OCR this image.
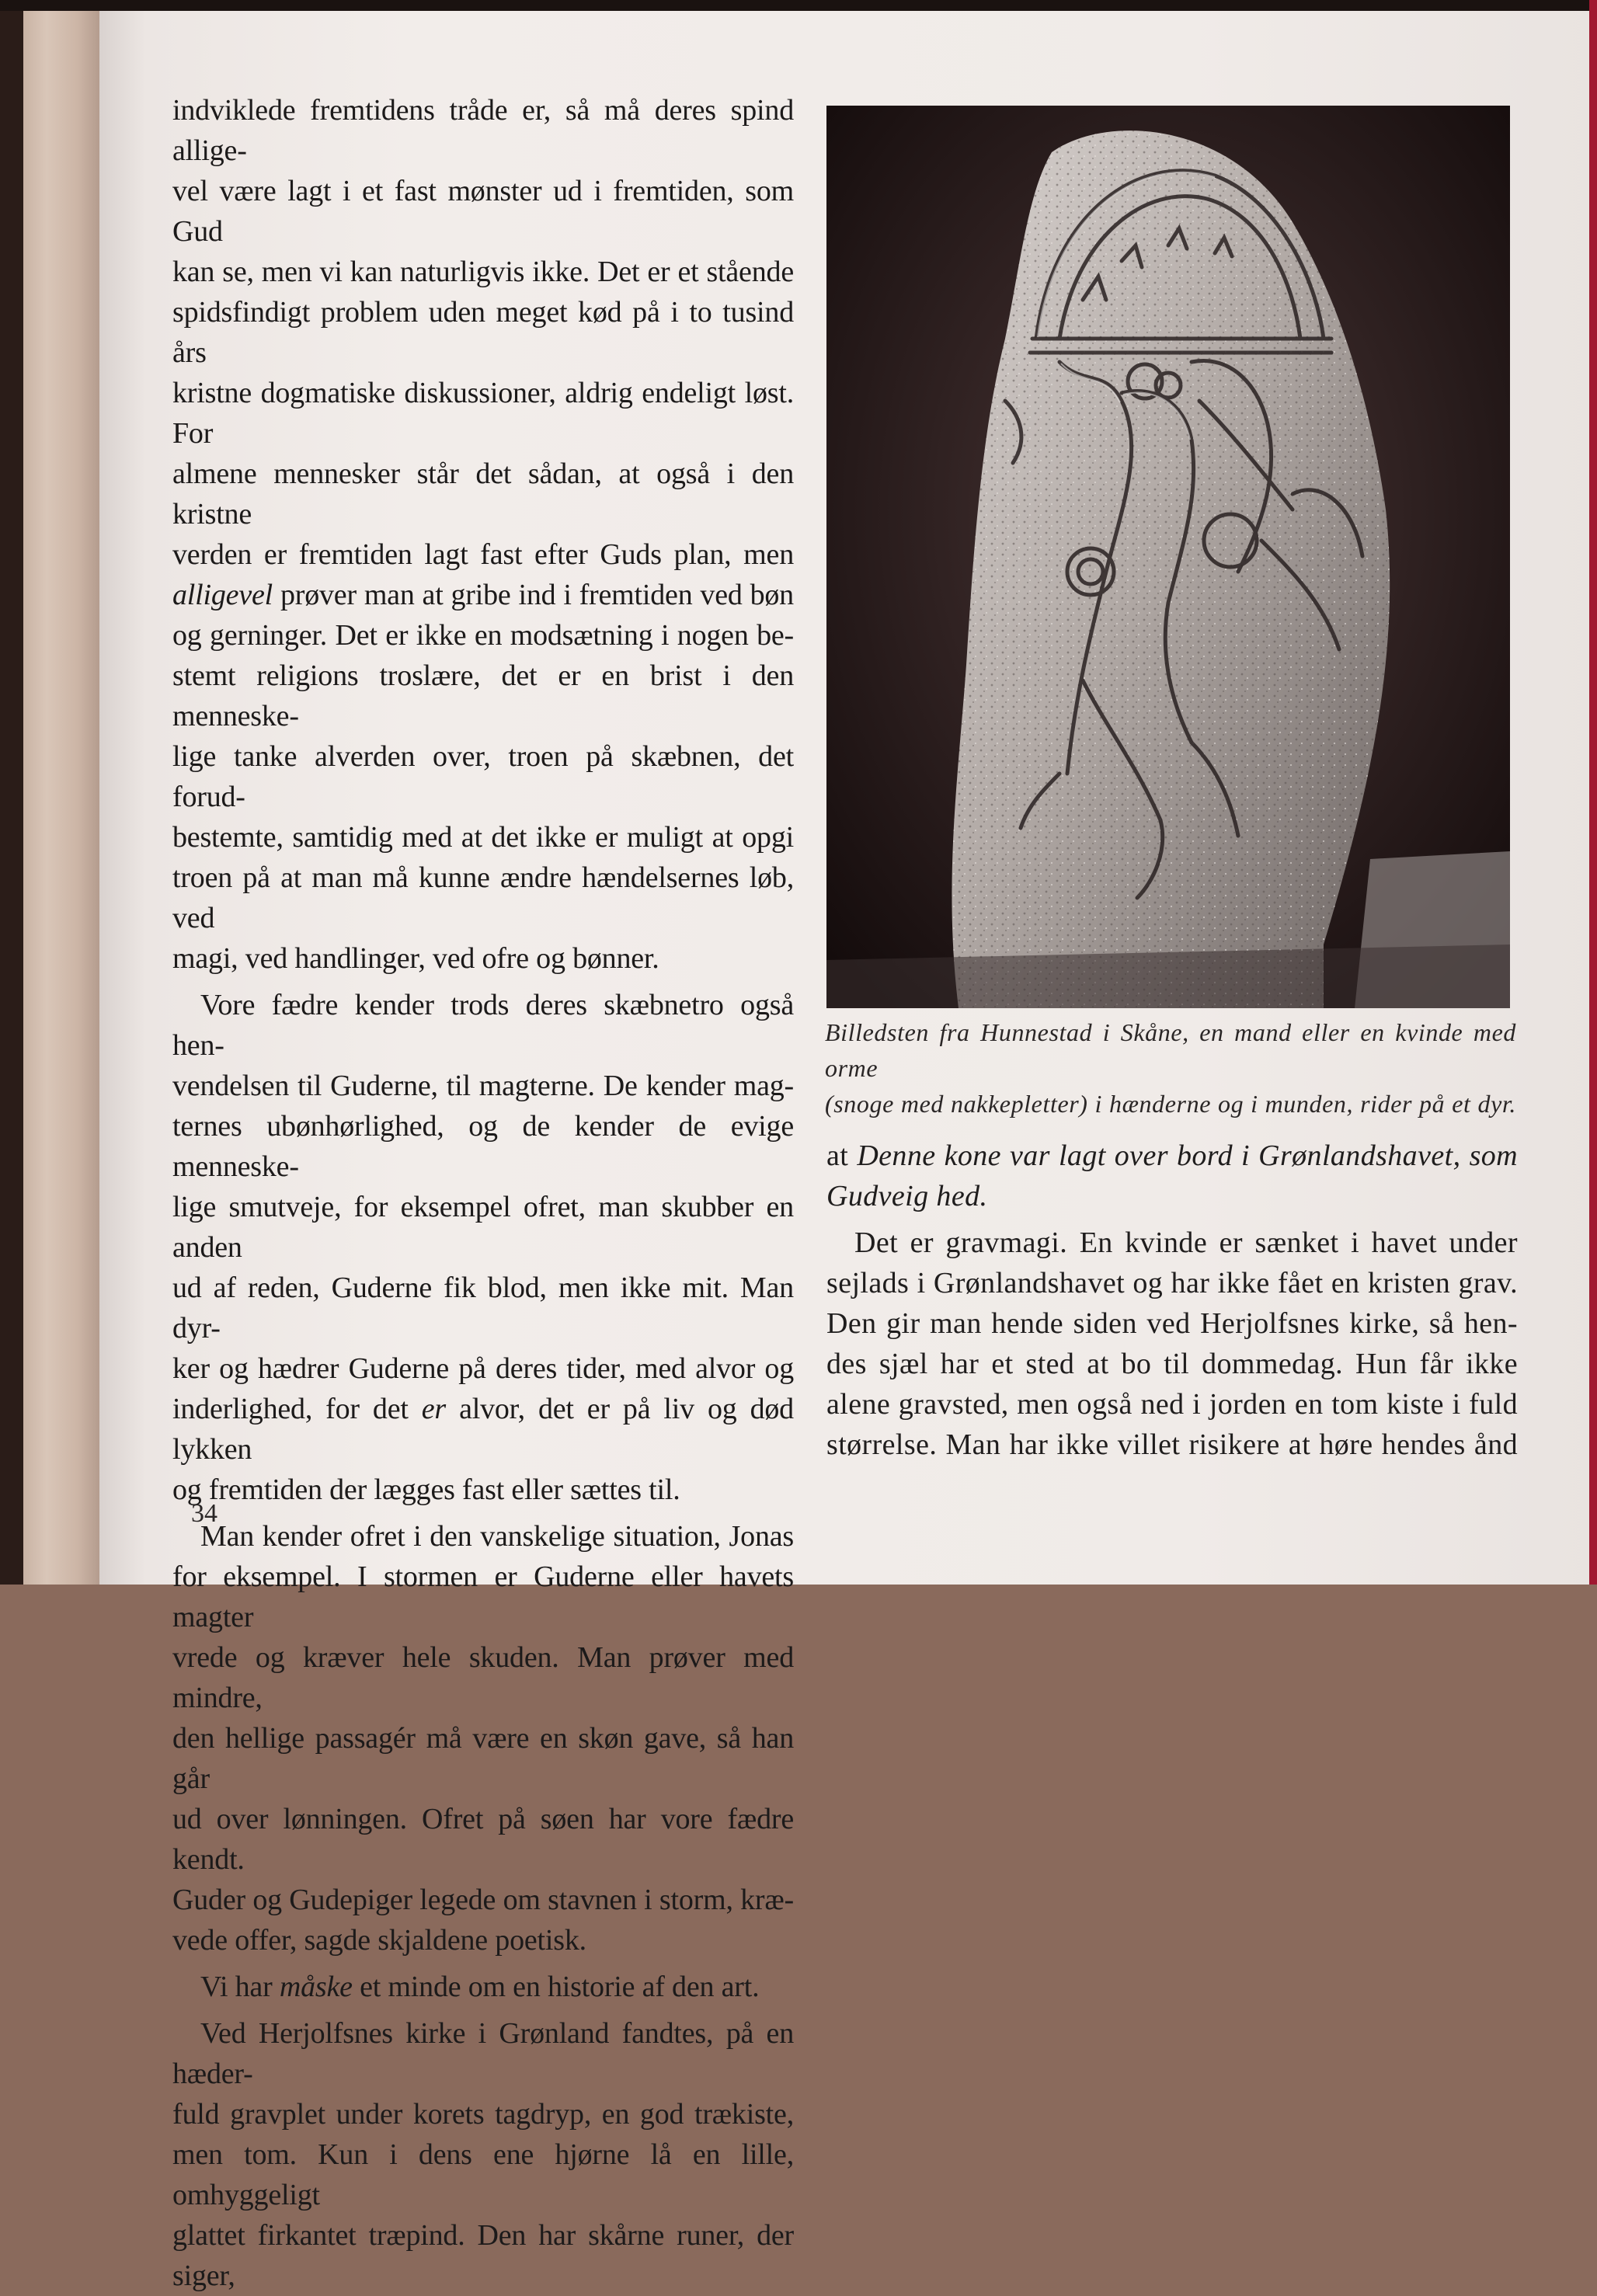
indviklede fremtidens tråde er, så må deres spind allige-

vel være lagt i et fast mønster ud i fremtiden, som Gud

kan se, men vi kan naturligvis ikke. Det er et stående

spidsfindigt problem uden meget kød på i to tusind års

kristne dogmatiske diskussioner, aldrig endeligt løst. For

almene mennesker står det sådan, at også i den kristne

verden er fremtiden lagt fast efter Guds plan, men

alligevel prøver man at gribe ind i fremtiden ved bøn

og gerninger. Det er ikke en modsætning i nogen be-

stemt religions troslære, det er en brist i den menneske-

lige tanke alverden over, troen på skæbnen, det forud-

bestemte, samtidig med at det ikke er muligt at opgi

troen på at man må kunne ændre hændelsernes løb, ved

magi, ved handlinger, ved ofre og bønner.

Vore fædre kender trods deres skæbnetro også hen-

vendelsen til Guderne, til magterne. De kender mag-

ternes ubønhørlighed, og de kender de evige menneske-

lige smutveje, for eksempel ofret, man skubber en anden

ud af reden, Guderne fik blod, men ikke mit. Man dyr-

ker og hædrer Guderne på deres tider, med alvor og

inderlighed, for det er alvor, det er på liv og død lykken

og fremtiden der lægges fast eller sættes til.

Man kender ofret i den vanskelige situation, Jonas

for eksempel. I stormen er Guderne eller havets magter

vrede og kræver hele skuden. Man prøver med mindre,

den hellige passagér må være en skøn gave, så han går

ud over lønningen. Ofret på søen har vore fædre kendt.

Guder og Gudepiger legede om stavnen i storm, kræ-

vede offer, sagde skjaldene poetisk.

Vi har måske et minde om en historie af den art.

Ved Herjolfsnes kirke i Grønland fandtes, på en hæder-

fuld gravplet under korets tagdryp, en god trækiste,

men tom. Kun i dens ene hjørne lå en lille, omhyggeligt

glattet firkantet træpind. Den har skårne runer, der siger,

Billedsten fra Hunnestad i Skåne, en mand eller en kvinde med orme
(snoge med nakkepletter) i hænderne og i munden, rider på et dyr.

at Denne kone var lagt over bord i Grønlandshavet, som

Gudveig hed.

Det er gravmagi. En kvinde er sænket i havet under

sejlads i Grønlandshavet og har ikke fået en kristen grav.

Den gir man hende siden ved Herjolfsnes kirke, så hen-

des sjæl har et sted at bo til dommedag. Hun får ikke

alene gravsted, men også ned i jorden en tom kiste i fuld

størrelse. Man har ikke villet risikere at høre hendes ånd

34
